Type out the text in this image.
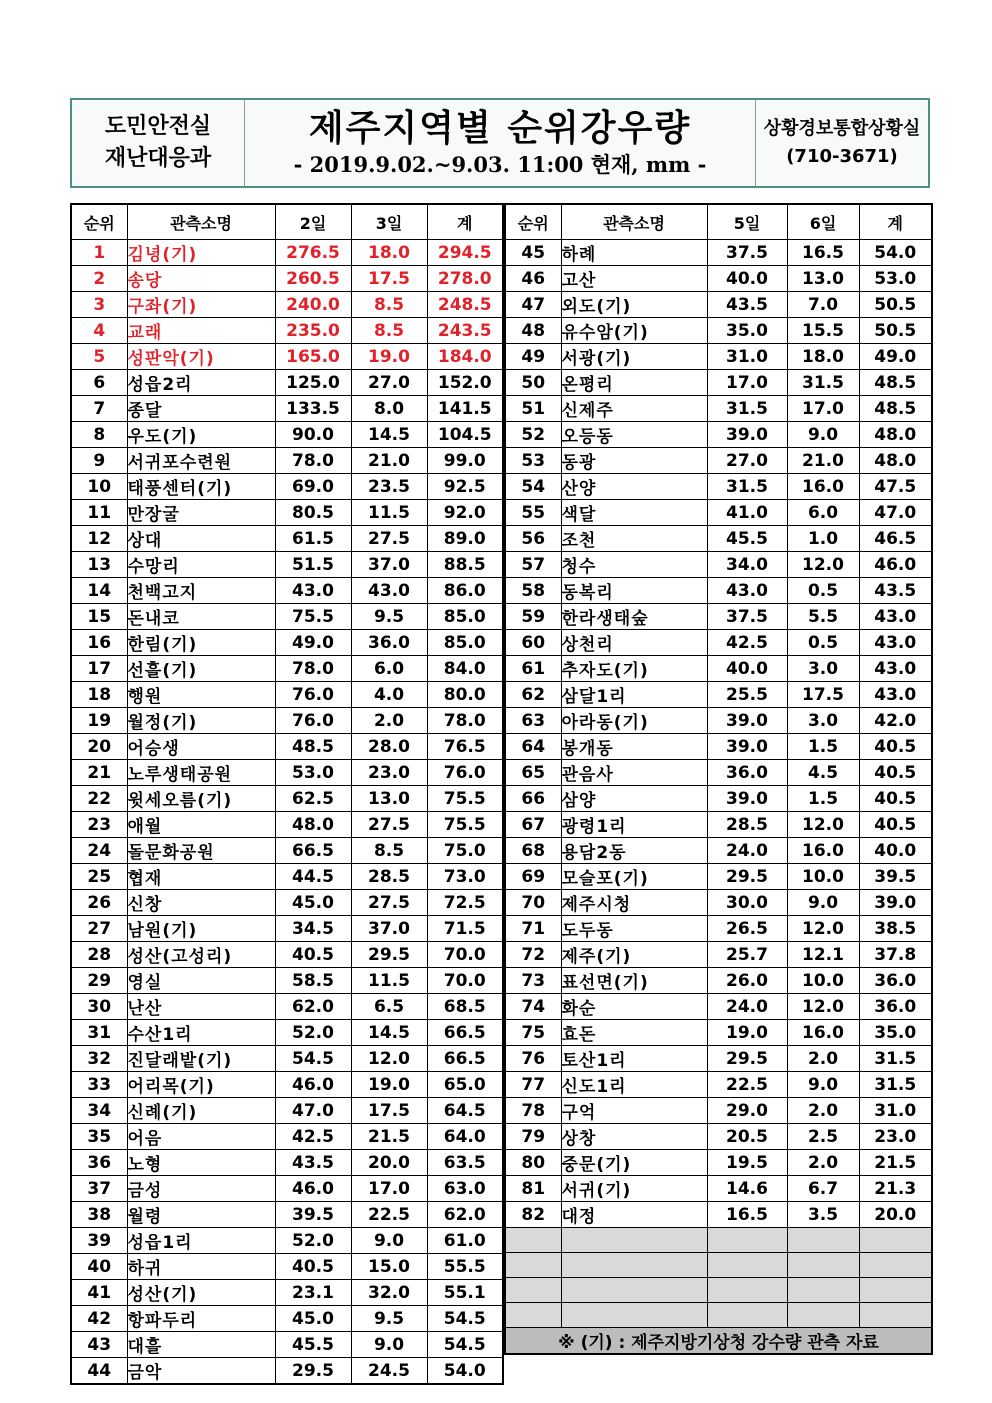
도민안전실
재난대응과
제주지역별 순위강우량
- 2019.9.02.~9.03. 11:00 현재, mm -
상황경보통합상황실
(710-3671)
순위	관측소명	2일	3일	계
1	김녕(기)	276.5	18.0	294.5
2	송당	260.5	17.5	278.0
3	구좌(기)	240.0	8.5	248.5
4	교래	235.0	8.5	243.5
5	성판악(기)	165.0	19.0	184.0
6	성읍2리	125.0	27.0	152.0
7	종달	133.5	8.0	141.5
8	우도(기)	90.0	14.5	104.5
9	서귀포수련원	78.0	21.0	99.0
10	태풍센터(기)	69.0	23.5	92.5
11	만장굴	80.5	11.5	92.0
12	상대	61.5	27.5	89.0
13	수망리	51.5	37.0	88.5
14	천백고지	43.0	43.0	86.0
15	돈내코	75.5	9.5	85.0
16	한림(기)	49.0	36.0	85.0
17	선흘(기)	78.0	6.0	84.0
18	행원	76.0	4.0	80.0
19	월정(기)	76.0	2.0	78.0
20	어승생	48.5	28.0	76.5
21	노루생태공원	53.0	23.0	76.0
22	윗세오름(기)	62.5	13.0	75.5
23	애월	48.0	27.5	75.5
24	돌문화공원	66.5	8.5	75.0
25	협재	44.5	28.5	73.0
26	신창	45.0	27.5	72.5
27	남원(기)	34.5	37.0	71.5
28	성산(고성리)	40.5	29.5	70.0
29	영실	58.5	11.5	70.0
30	난산	62.0	6.5	68.5
31	수산1리	52.0	14.5	66.5
32	진달래밭(기)	54.5	12.0	66.5
33	어리목(기)	46.0	19.0	65.0
34	신례(기)	47.0	17.5	64.5
35	어음	42.5	21.5	64.0
36	노형	43.5	20.0	63.5
37	금성	46.0	17.0	63.0
38	월령	39.5	22.5	62.0
39	성읍1리	52.0	9.0	61.0
40	하귀	40.5	15.0	55.5
41	성산(기)	23.1	32.0	55.1
42	항파두리	45.0	9.5	54.5
43	대흘	45.5	9.0	54.5
44	금악	29.5	24.5	54.0
순위	관측소명	5일	6일	계
45	하례	37.5	16.5	54.0
46	고산	40.0	13.0	53.0
47	외도(기)	43.5	7.0	50.5
48	유수암(기)	35.0	15.5	50.5
49	서광(기)	31.0	18.0	49.0
50	온평리	17.0	31.5	48.5
51	신제주	31.5	17.0	48.5
52	오등동	39.0	9.0	48.0
53	동광	27.0	21.0	48.0
54	산양	31.5	16.0	47.5
55	색달	41.0	6.0	47.0
56	조천	45.5	1.0	46.5
57	청수	34.0	12.0	46.0
58	동복리	43.0	0.5	43.5
59	한라생태숲	37.5	5.5	43.0
60	상천리	42.5	0.5	43.0
61	추자도(기)	40.0	3.0	43.0
62	삼달1리	25.5	17.5	43.0
63	아라동(기)	39.0	3.0	42.0
64	봉개동	39.0	1.5	40.5
65	관음사	36.0	4.5	40.5
66	삼양	39.0	1.5	40.5
67	광령1리	28.5	12.0	40.5
68	용담2동	24.0	16.0	40.0
69	모슬포(기)	29.5	10.0	39.5
70	제주시청	30.0	9.0	39.0
71	도두동	26.5	12.0	38.5
72	제주(기)	25.7	12.1	37.8
73	표선면(기)	26.0	10.0	36.0
74	화순	24.0	12.0	36.0
75	효돈	19.0	16.0	35.0
76	토산1리	29.5	2.0	31.5
77	신도1리	22.5	9.0	31.5
78	구억	29.0	2.0	31.0
79	상창	20.5	2.5	23.0
80	중문(기)	19.5	2.0	21.5
81	서귀(기)	14.6	6.7	21.3
82	대정	16.5	3.5	20.0

※ (기) : 제주지방기상청 강수량 관측 자료				
